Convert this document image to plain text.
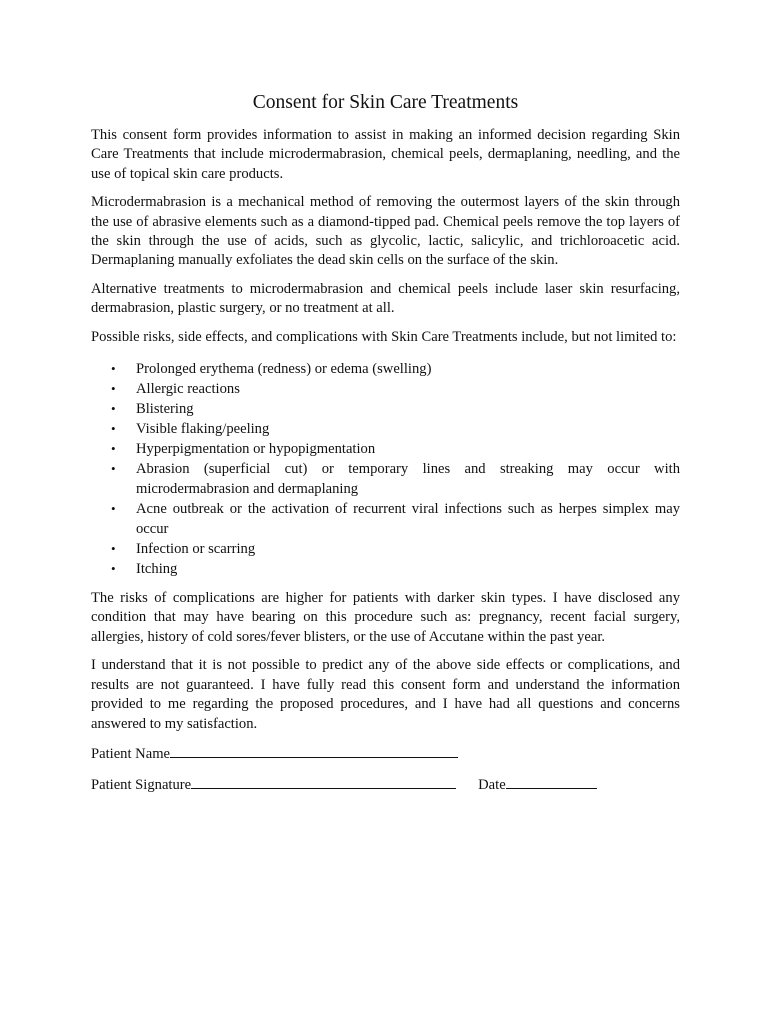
Consent for Skin Care Treatments

This consent form provides information to assist in making an informed decision regarding Skin Care Treatments that include microdermabrasion, chemical peels, dermaplaning, needling, and the use of topical skin care products.

Microdermabrasion is a mechanical method of removing the outermost layers of the skin through the use of abrasive elements such as a diamond-tipped pad. Chemical peels remove the top layers of the skin through the use of acids, such as glycolic, lactic, salicylic, and trichloroacetic acid. Dermaplaning manually exfoliates the dead skin cells on the surface of the skin.

Alternative treatments to microdermabrasion and chemical peels include laser skin resurfacing, dermabrasion, plastic surgery, or no treatment at all.

Possible risks, side effects, and complications with Skin Care Treatments include, but not limited to:

• Prolonged erythema (redness) or edema (swelling)
• Allergic reactions
• Blistering
• Visible flaking/peeling
• Hyperpigmentation or hypopigmentation
• Abrasion (superficial cut) or temporary lines and streaking may occur with microdermabrasion and dermaplaning
• Acne outbreak or the activation of recurrent viral infections such as herpes simplex may occur
• Infection or scarring
• Itching

The risks of complications are higher for patients with darker skin types. I have disclosed any condition that may have bearing on this procedure such as: pregnancy, recent facial surgery, allergies, history of cold sores/fever blisters, or the use of Accutane within the past year.

I understand that it is not possible to predict any of the above side effects or complications, and results are not guaranteed. I have fully read this consent form and understand the information provided to me regarding the proposed procedures, and I have had all questions and concerns answered to my satisfaction.

Patient Name
Patient Signature	Date
